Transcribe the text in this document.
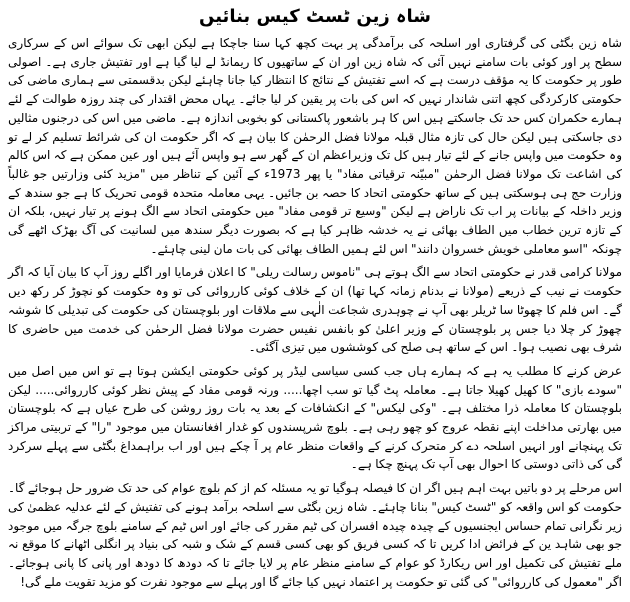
شاہ زین ٹسٹ کیس بنائیں

شاہ زین بگٹی کی گرفتاری اور اسلحہ کی برآمدگی پر بہت کچھ کہا سنا جاچکا ہے لیکن ابھی تک سوائے اس کے سرکاری سطح پر اور کوئی بات سامنے نہیں آئی کہ شاہ زین اور ان کے ساتھیوں کا ریمانڈ لے لیا گیا ہے اور تفتیش جاری ہے۔ اصولی طور پر حکومت کا یہ مؤقف درست ہے کہ اسے تفتیش کے نتائج کا انتظار کیا جانا چاہئے لیکن بدقسمتی سے ہماری ماضی کی حکومتی کارکردگی کچھ اتنی شاندار نہیں کہ اس کی بات پر یقین کر لیا جائے۔ یہاں محض اقتدار کی چند روزہ طوالت کے لئے ہمارے حکمران کس حد تک جاسکتے ہیں اس کا ہر باشعور پاکستانی کو بخوبی اندازہ ہے۔ ماضی میں اس کی درجنوں مثالیں دی جاسکتی ہیں لیکن حال کی تازہ مثال قبلہ مولانا فضل الرحمٰن کا بیان ہے کہ اگر حکومت ان کی شرائط تسلیم کر لے تو وہ حکومت میں واپس جانے کے لئے تیار ہیں کل تک وزیراعظم ان کے گھر سے ہو واپس آئے ہیں اور عین ممکن ہے کہ اس کالم کی اشاعت تک مولانا فضل الرحمٰن "مبیّنہ ترقیاتی مفاد" یا پھر 1973ء کے آئین کے تناظر میں "مزید کئی وزارتیں جو غالباً وزارت حج ہی ہوسکتی ہیں کے ساتھ حکومتی اتحاد کا حصہ بن جائیں۔ یہی معاملہ متحدہ قومی تحریک کا ہے جو سندھ کے وزیر داخلہ کے بیانات پر اب تک ناراض ہے لیکن "وسیع تر قومی مفاد" میں حکومتی اتحاد سے الگ ہونے پر تیار نہیں، بلکہ ان کے تازہ ترین خطاب میں الطاف بھائی نے یہ خدشہ ظاہر کیا ہے کہ بصورت دیگر سندھ میں لسانیت کی آگ بھڑک اٹھے گی چونکہ "اسو معاملی خویش خسروان دانند" اس لئے ہمیں الطاف بھائی کی بات مان لینی چاہئے۔

مولانا کرامی قدر نے حکومتی اتحاد سے الگ ہوتے ہی "ناموس رسالت ریلی" کا اعلان فرمایا اور اگلے روز آپ کا بیان آیا کہ اگر حکومت نے نیب کے ذریعے (مولانا نے بدنام زمانہ کہا تھا) ان کے خلاف کوئی کارروائی کی تو وہ حکومت کو نچوڑ کر رکھ دیں گے۔ اس فلم کا چھوٹا سا ٹریلر بھی آپ نے چوہدری شجاعت الٰہی سے ملاقات اور بلوچستان کی حکومت کی تبدیلی کا شوشہ چھوڑ کر چلا دیا جس پر بلوچستان کے وزیر اعلیٰ کو بانفس نفیس حضرت مولانا فضل الرحمٰن کی خدمت میں حاضری کا شرف بھی نصیب ہوا۔ اس کے ساتھ ہی صلح کی کوششوں میں تیزی آگئی۔

عرض کرنے کا مطلب یہ ہے کہ ہمارے ہاں جب کسی سیاسی لیڈر پر کوئی حکومتی ایکشن ہوتا ہے تو اس میں اصل میں "سودے بازی" کا کھیل کھیلا جاتا ہے۔ معاملہ پٹ گیا تو سب اچھا..... ورنہ قومی مفاد کے پیش نظر کوئی کارروائی..... لیکن بلوچستان کا معاملہ ذرا مختلف ہے۔ "وکی لیکس" کے انکشافات کے بعد یہ بات روز روشن کی طرح عیاں ہے کہ بلوچستان میں بھارتی مداخلت اپنے نقطہ عروج کو چھو رہی ہے۔ بلوچ شرپسندوں کو غدار افغانستان میں موجود "را" کے تربیتی مراکز تک پہنچانے اور انہیں اسلحہ دے کر متحرک کرنے کے واقعات منظر عام پر آ چکے ہیں اور اب براہمداغ بگٹی سے پہلے سرکرد گی کی ذاتی دوستی کا احوال بھی آپ تک پہنچ چکا ہے۔

اس مرحلے پر دو باتیں بہت اہم ہیں اگر ان کا فیصلہ ہوگیا تو یہ مسئلہ کم از کم بلوچ عوام کی حد تک ضرور حل ہوجائے گا۔ حکومت کو اس واقعہ کو "ٹسٹ کیس" بنانا چاہئے۔ شاہ زین بگٹی سے اسلحہ برآمد ہونے کی تفتیش کے لئے عدلیہ عظمیٰ کی زیر نگرانی تمام حساس ایجنسیوں کے چیدہ چیدہ افسران کی ٹیم مقرر کی جائے اور اس ٹیم کے سامنے بلوچ جرگہ میں موجود جو بھی شاہد ین کے فرائض ادا کریں تا کہ کسی فریق کو بھی کسی قسم کے شک و شبہ کی بنیاد پر انگلی اٹھانے کا موقع نہ ملے تفتیش کی تکمیل اور اس ریکارڈ کو عوام کے سامنے منظر عام پر لایا جائے تا کہ دودھ کا دودھ اور پانی کا پانی ہوجائے۔ اگر "معمول کی کارروائی" کی گئی تو حکومت پر اعتماد نہیں کیا جائے گا اور پہلے سے موجود نفرت کو مزید تقویت ملے گی!
